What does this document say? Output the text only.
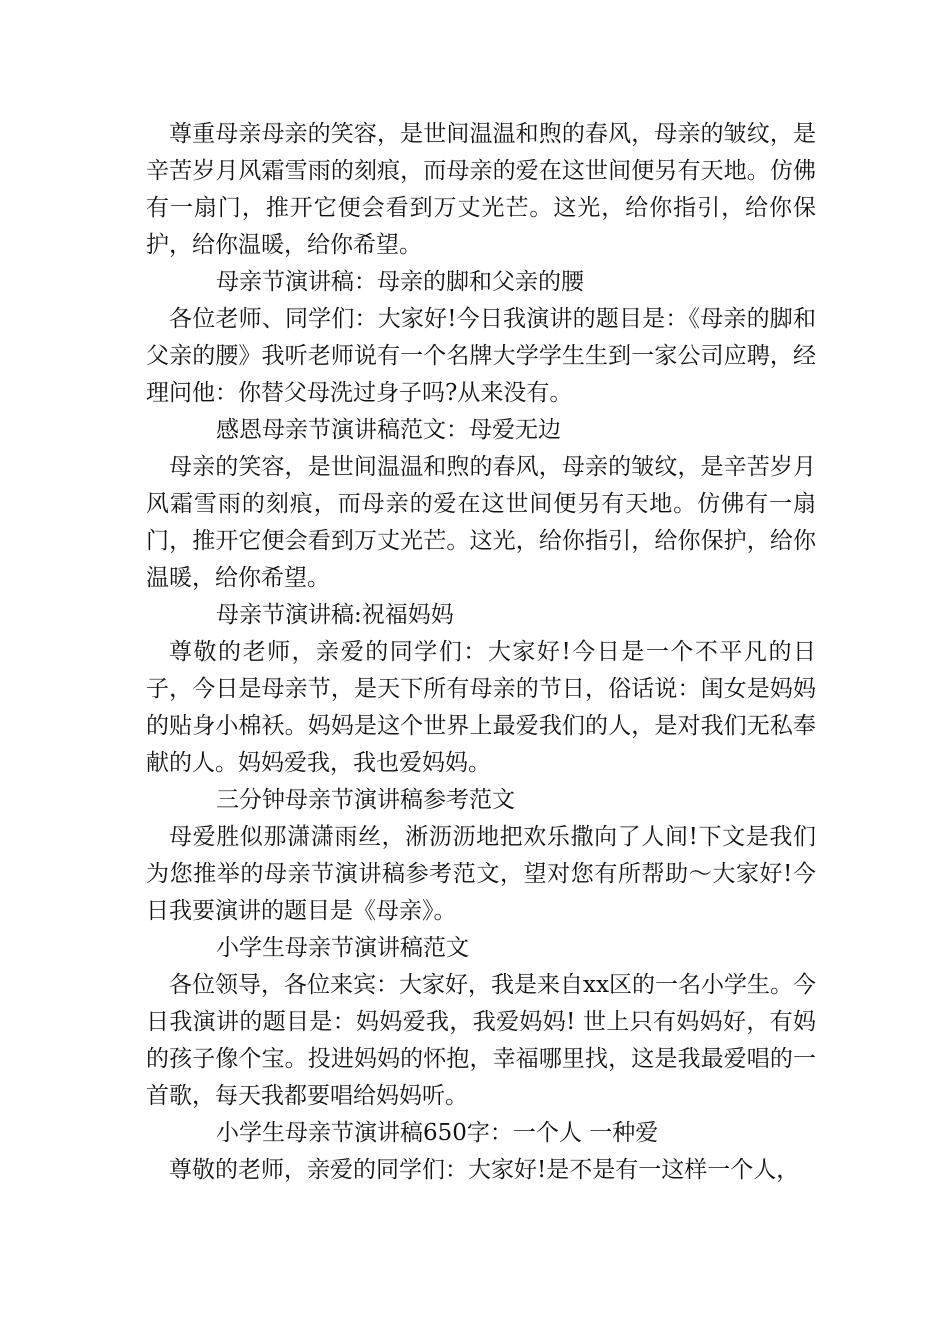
尊重母亲母亲的笑容，是世间温温和煦的春风，母亲的皱纹，是辛苦岁月风霜雪雨的刻痕，而母亲的爱在这世间便另有天地。仿佛有一扇门，推开它便会看到万丈光芒。这光，给你指引，给你保护，给你温暖，给你希望。

母亲节演讲稿：母亲的脚和父亲的腰

各位老师、同学们：大家好!今日我演讲的题目是：《母亲的脚和父亲的腰》我听老师说有一个名牌大学学生生到一家公司应聘，经理问他：你替父母洗过身子吗?从来没有。

感恩母亲节演讲稿范文：母爱无边

母亲的笑容，是世间温温和煦的春风，母亲的皱纹，是辛苦岁月风霜雪雨的刻痕，而母亲的爱在这世间便另有天地。仿佛有一扇门，推开它便会看到万丈光芒。这光，给你指引，给你保护，给你温暖，给你希望。

母亲节演讲稿:祝福妈妈

尊敬的老师，亲爱的同学们：大家好!今日是一个不平凡的日子，今日是母亲节，是天下所有母亲的节日，俗话说：闺女是妈妈的贴身小棉袄。妈妈是这个世界上最爱我们的人，是对我们无私奉献的人。妈妈爱我，我也爱妈妈。

三分钟母亲节演讲稿参考范文

母爱胜似那潇潇雨丝，淅沥沥地把欢乐撒向了人间!下文是我们为您推举的母亲节演讲稿参考范文，望对您有所帮助～大家好!今日我要演讲的题目是《母亲》。

小学生母亲节演讲稿范文

各位领导，各位来宾：大家好，我是来自xx区的一名小学生。今日我演讲的题目是：妈妈爱我，我爱妈妈! 世上只有妈妈好，有妈的孩子像个宝。投进妈妈的怀抱，幸福哪里找，这是我最爱唱的一首歌，每天我都要唱给妈妈听。

小学生母亲节演讲稿650字：一个人 一种爱

尊敬的老师，亲爱的同学们：大家好!是不是有一这样一个人，
